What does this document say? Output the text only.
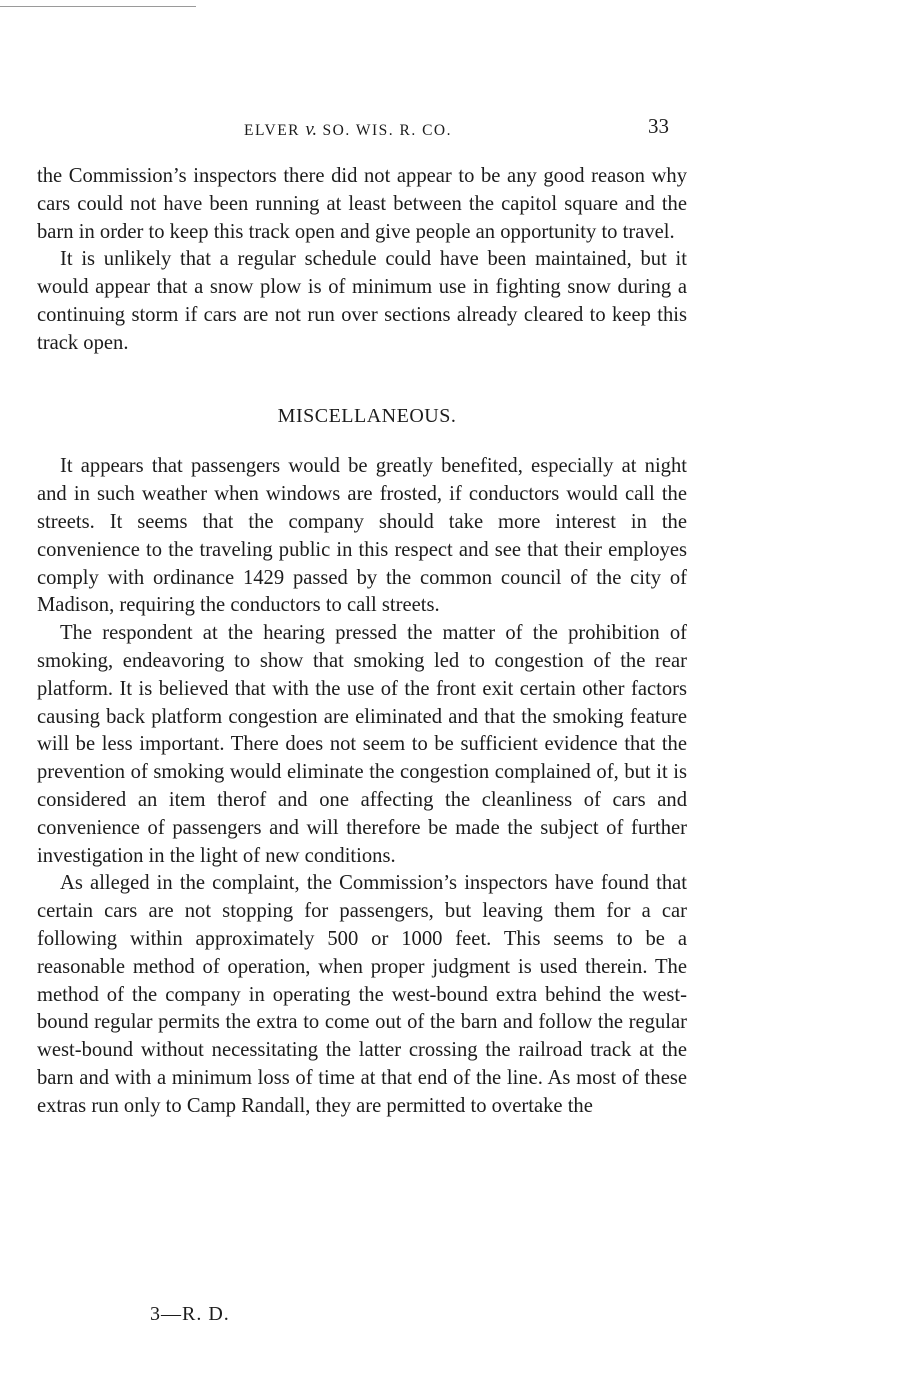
ELVER v. SO. WIS. R. CO.	33

the Commission’s inspectors there did not appear to be any good reason why cars could not have been running at least between the capitol square and the barn in order to keep this track open and give people an opportunity to travel.

It is unlikely that a regular schedule could have been maintained, but it would appear that a snow plow is of minimum use in fighting snow during a continuing storm if cars are not run over sections already cleared to keep this track open.

MISCELLANEOUS.

It appears that passengers would be greatly benefited, especially at night and in such weather when windows are frosted, if conductors would call the streets. It seems that the company should take more interest in the convenience to the traveling public in this respect and see that their employes comply with ordinance 1429 passed by the common council of the city of Madison, requiring the conductors to call streets.

The respondent at the hearing pressed the matter of the prohibition of smoking, endeavoring to show that smoking led to congestion of the rear platform. It is believed that with the use of the front exit certain other factors causing back platform congestion are eliminated and that the smoking feature will be less important. There does not seem to be sufficient evidence that the prevention of smoking would eliminate the congestion complained of, but it is considered an item therof and one affecting the cleanliness of cars and convenience of passengers and will therefore be made the subject of further investigation in the light of new conditions.

As alleged in the complaint, the Commission’s inspectors have found that certain cars are not stopping for passengers, but leaving them for a car following within approximately 500 or 1000 feet. This seems to be a reasonable method of operation, when proper judgment is used therein. The method of the company in operating the west-bound extra behind the westbound regular permits the extra to come out of the barn and follow the regular west-bound without necessitating the latter crossing the railroad track at the barn and with a minimum loss of time at that end of the line. As most of these extras run only to Camp Randall, they are permitted to overtake the

3—R. D.
